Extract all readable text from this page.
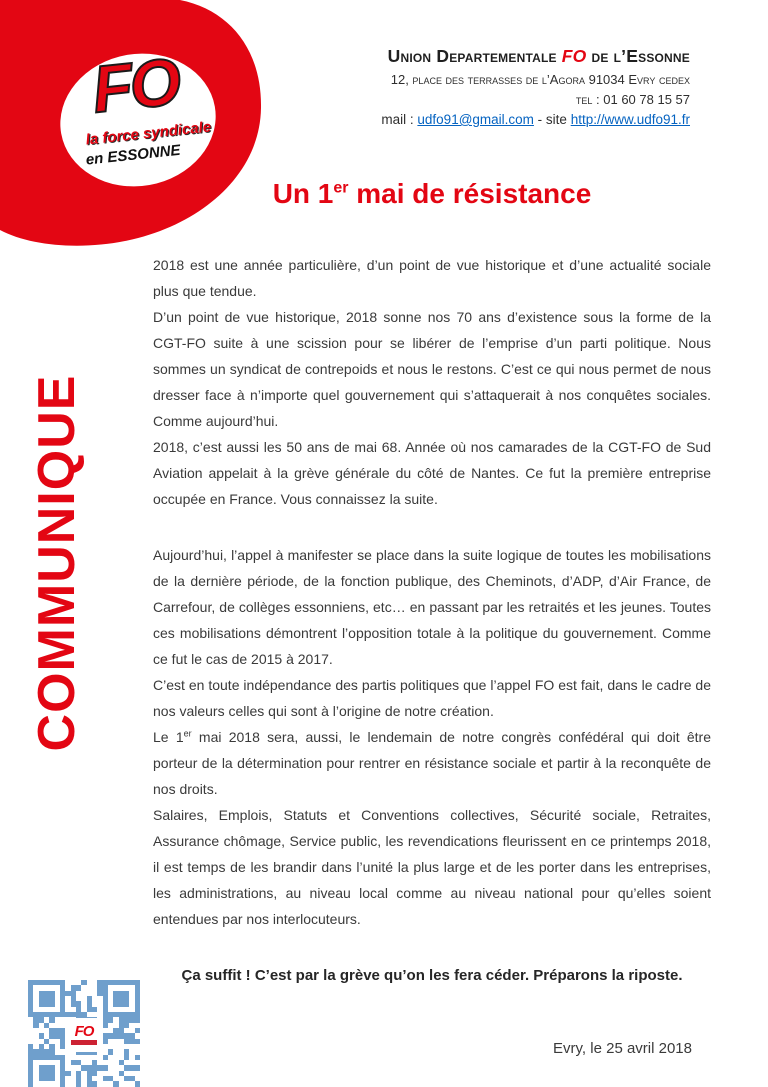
FO
la force syndicale
en ESSONNE
Union Departementale FO de l’Essonne
12, place des terrasses de l’Agora 91034 Evry cedex
tel : 01 60 78 15 57
mail : udfo91@gmail.com - site http://www.udfo91.fr
Un 1er mai de résistance
COMMUNIQUE

2018 est une année particulière, d’un point de vue historique et d’une actualité sociale plus que tendue.

D’un point de vue historique, 2018 sonne nos 70 ans d’existence sous la forme de la CGT-FO suite à une scission pour se libérer de l’emprise d’un parti politique. Nous sommes un syndicat de contrepoids et nous le restons. C’est ce qui nous permet de nous dresser face à n’importe quel gouvernement qui s’attaquerait à nos conquêtes sociales. Comme aujourd’hui.

2018, c’est aussi les 50 ans de mai 68. Année où nos camarades de la CGT-FO de Sud Aviation appelait à la grève générale du côté de Nantes. Ce fut la première entreprise occupée en France. Vous connaissez la suite.

Aujourd’hui, l’appel à manifester se place dans la suite logique de toutes les mobilisations de la dernière période, de la fonction publique, des Cheminots, d’ADP, d’Air France, de Carrefour, de collèges essonniens, etc… en passant par les retraités et les jeunes. Toutes ces mobilisations démontrent l’opposition totale à la politique du gouvernement. Comme ce fut le cas de 2015 à 2017.

C’est en toute indépendance des partis politiques que l’appel FO est fait, dans le cadre de nos valeurs celles qui sont à l’origine de notre création.

Le 1er mai 2018 sera, aussi, le lendemain de notre congrès confédéral qui doit être porteur de la détermination pour rentrer en résistance sociale et partir à la reconquête de nos droits.

Salaires, Emplois, Statuts et Conventions collectives, Sécurité sociale, Retraites, Assurance chômage, Service public, les revendications fleurissent en ce printemps 2018, il est temps de les brandir dans l’unité la plus large et de les porter dans les entreprises, les administrations, au niveau local comme au niveau national pour qu’elles soient entendues par nos interlocuteurs.

Ça suffit ! C’est par la grève qu’on les fera céder. Préparons la riposte.
Evry, le 25 avril 2018
FO
